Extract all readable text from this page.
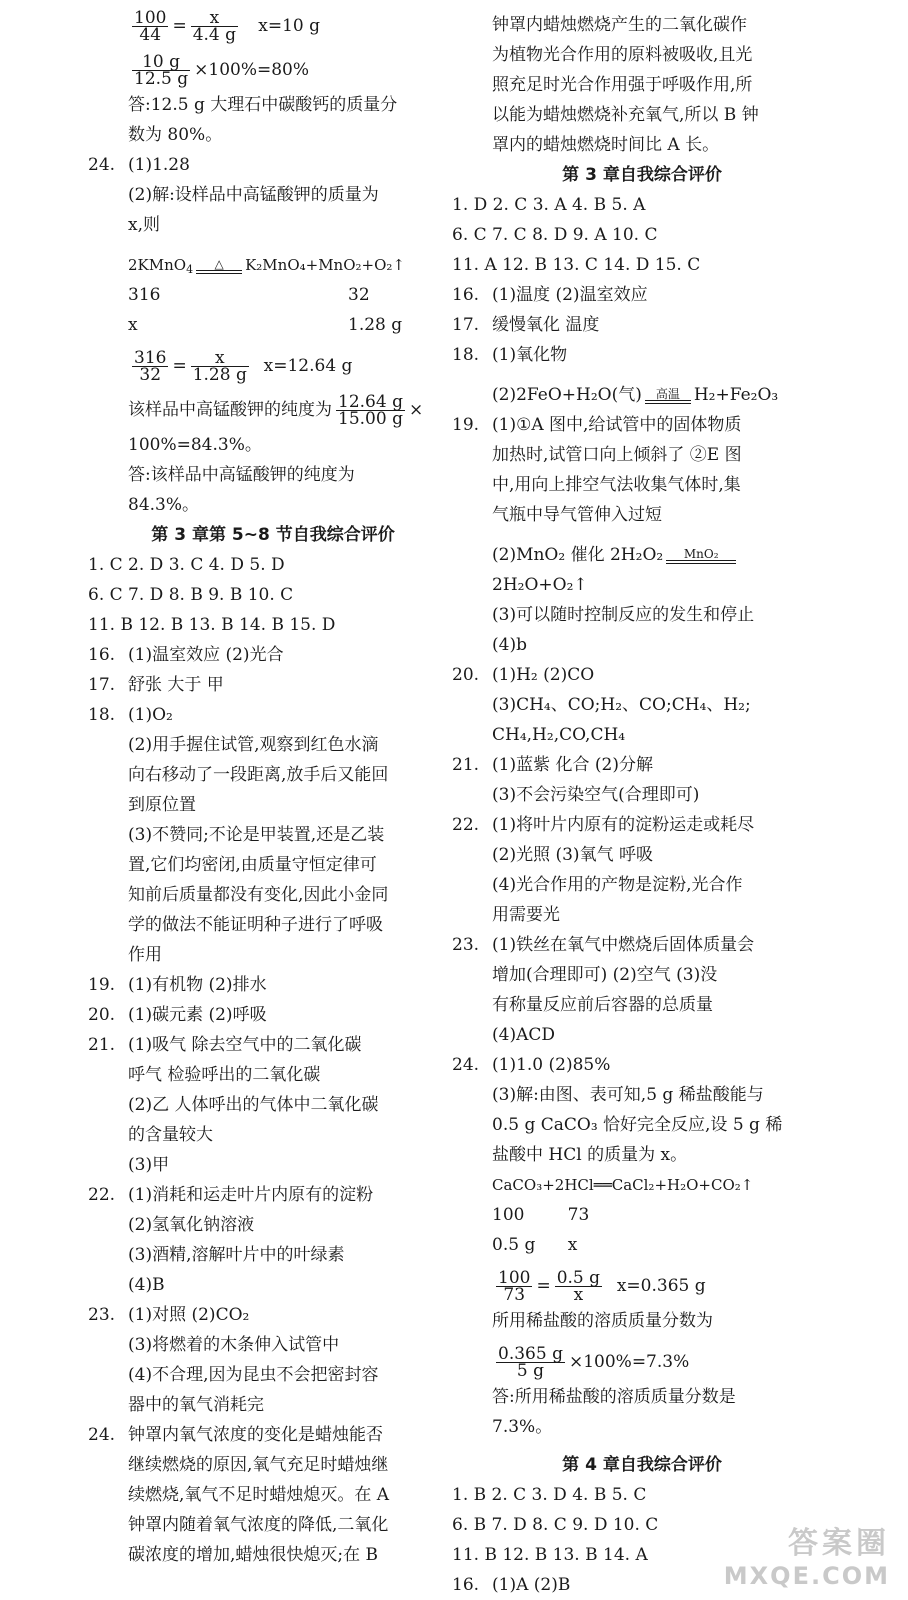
$\frac{100}{44} = \frac{x}{4.4 g} x=10$ g
$\frac{10 g}{12.5 g} \times 100\%=80\%$
答:12.5 g 大理石中碳酸钙的质量分
数为 80%。
24. (1)1.28
(2)解:设样品中高锰酸钾的质量为
x,则
2KMnO$_4$	△	K₂MnO₄+MnO₂+O₂↑
316	32
x	1.28 g
$\frac{316}{32} = \frac{x}{1.28 g} x=12.64$ g
该样品中高锰酸钾的纯度为 $\frac{12.64 g}{15.00 g}$ ×
100%=84.3%。
答:该样品中高锰酸钾的纯度为
84.3%。
第 3 章第 5~8 节自我综合评价
1. C 2. D 3. C 4. D 5. D
6. C 7. D 8. B 9. B 10. C
11. B 12. B 13. B 14. B 15. D
16. (1)温室效应 (2)光合
17. 舒张 大于 甲
18. (1)O₂
(2)用手握住试管,观察到红色水滴
向右移动了一段距离,放手后又能回
到原位置
(3)不赞同;不论是甲装置,还是乙装
置,它们均密闭,由质量守恒定律可
知前后质量都没有变化,因此小金同
学的做法不能证明种子进行了呼吸
作用
19. (1)有机物 (2)排水
20. (1)碳元素 (2)呼吸
21. (1)吸气 除去空气中的二氧化碳
呼气 检验呼出的二氧化碳
(2)乙 人体呼出的气体中二氧化碳
的含量较大
(3)甲
22. (1)消耗和运走叶片内原有的淀粉
(2)氢氧化钠溶液
(3)酒精,溶解叶片中的叶绿素
(4)B
23. (1)对照 (2)CO₂
(3)将燃着的木条伸入试管中
(4)不合理,因为昆虫不会把密封容
器中的氧气消耗完
24. 钟罩内氧气浓度的变化是蜡烛能否
继续燃烧的原因,氧气充足时蜡烛继
续燃烧,氧气不足时蜡烛熄灭。在 A
钟罩内随着氧气浓度的降低,二氧化
碳浓度的增加,蜡烛很快熄灭;在 B
钟罩内蜡烛燃烧产生的二氧化碳作
为植物光合作用的原料被吸收,且光
照充足时光合作用强于呼吸作用,所
以能为蜡烛燃烧补充氧气,所以 B 钟
罩内的蜡烛燃烧时间比 A 长。
第 3 章自我综合评价
1. D 2. C 3. A 4. B 5. A
6. C 7. C 8. D 9. A 10. C
11. A 12. B 13. C 14. D 15. C
16. (1)温度 (2)温室效应
17. 缓慢氧化 温度
18. (1)氧化物
(2)2FeO+H₂O(气)	高温 H₂+Fe₂O₃
19. (1)①A 图中,给试管中的固体物质
加热时,试管口向上倾斜了 ②E 图
中,用向上排空气法收集气体时,集
气瓶中导气管伸入过短
(2)MnO₂ 催化 2H₂O₂	MnO₂
2H₂O+O₂↑
(3)可以随时控制反应的发生和停止
(4)b
20. (1)H₂ (2)CO
(3)CH₄、CO;H₂、CO;CH₄、H₂;
CH₄,H₂,CO,CH₄
21. (1)蓝紫 化合 (2)分解
(3)不会污染空气(合理即可)
22. (1)将叶片内原有的淀粉运走或耗尽
(2)光照 (3)氧气 呼吸
(4)光合作用的产物是淀粉,光合作
用需要光
23. (1)铁丝在氧气中燃烧后固体质量会
增加(合理即可) (2)空气 (3)没
有称量反应前后容器的总质量
(4)ACD
24. (1)1.0 (2)85%
(3)解:由图、表可知,5 g 稀盐酸能与
0.5 g CaCO₃ 恰好完全反应,设 5 g 稀
盐酸中 HCl 的质量为 x。
CaCO₃+2HCl══CaCl₂+H₂O+CO₂↑
100        73
0.5 g      x
$\frac{100}{73} = \frac{0.5 g}{x} x=0.365$ g
所用稀盐酸的溶质质量分数为
$\frac{0.365 g}{5 g} \times 100\%=7.3\%$
答:所用稀盐酸的溶质质量分数是
7.3%。
第 4 章自我综合评价
1. B 2. C 3. D 4. B 5. C
6. B 7. D 8. C 9. D 10. C
11. B 12. B 13. B 14. A
16. (1)A (2)B
答案圈
MXQE.COM
